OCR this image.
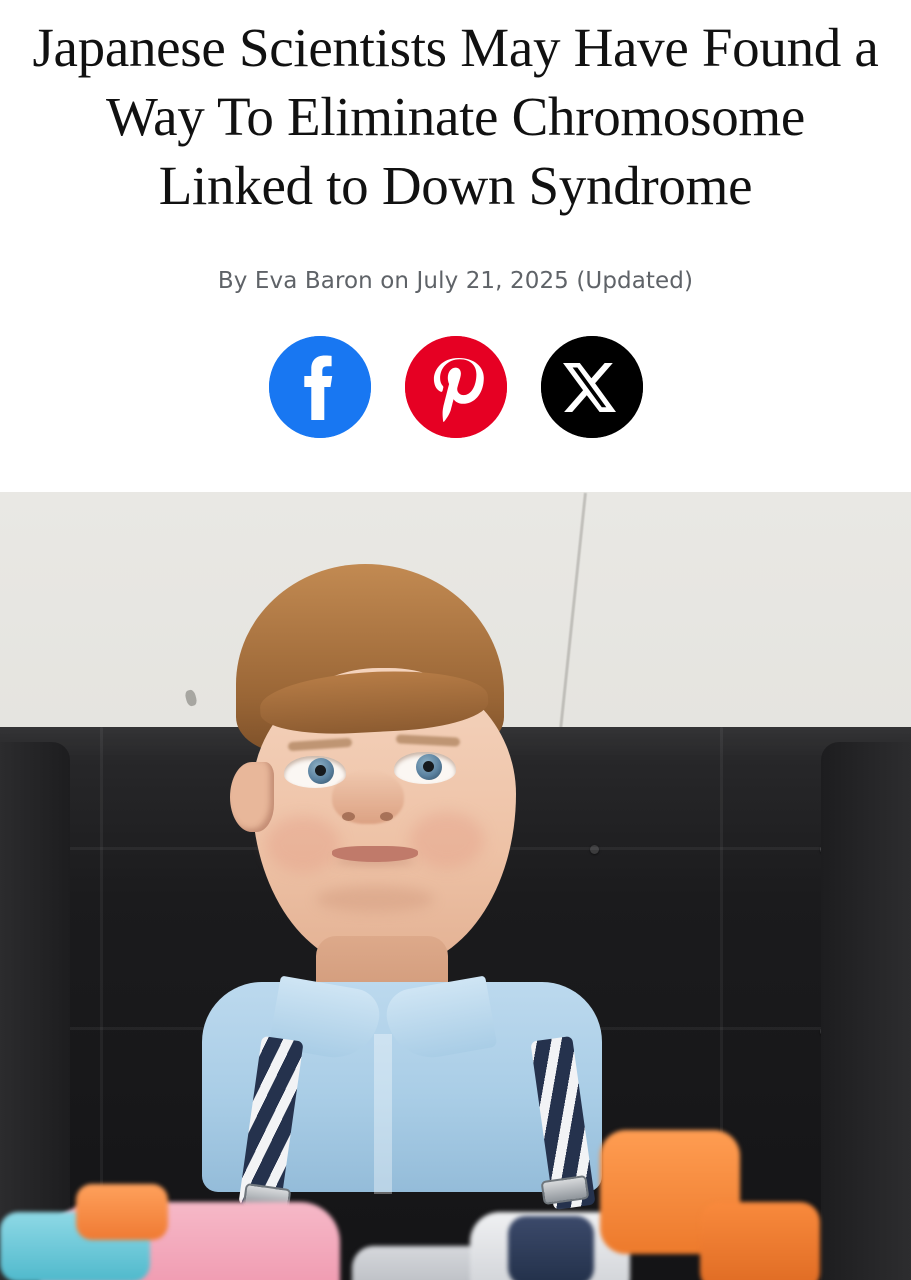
Japanese Scientists May Have Found a Way To Eliminate Chromosome Linked to Down Syndrome
By Eva Baron on July 21, 2025 (Updated)
